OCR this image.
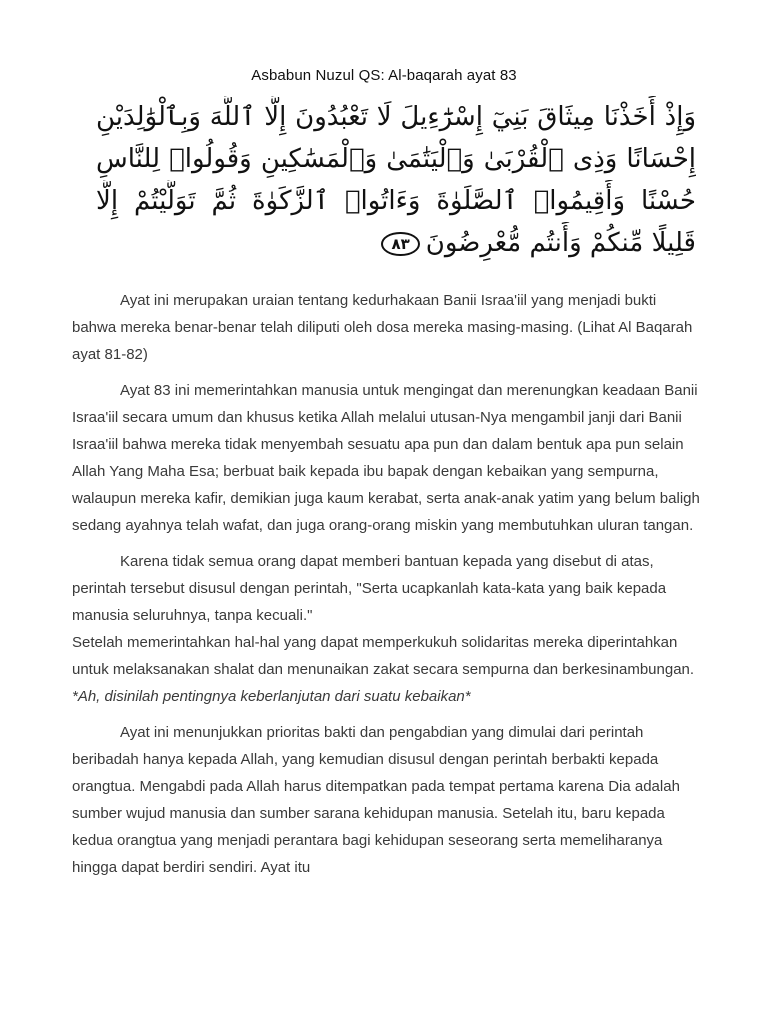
Asbabun Nuzul QS: Al-baqarah ayat 83
وَإِذْ أَخَذْنَا مِيثَاقَ بَنِيٓ إِسْرَٰٓءِيلَ لَا تَعْبُدُونَ إِلَّا ٱللَّهَ وَبِٱلْوَٰلِدَيْنِ
إِحْسَانًا وَذِى ٱلْقُرْبَىٰ وَٱلْيَتَٰمَىٰ وَٱلْمَسَٰكِينِ وَقُولُوا۟ لِلنَّاسِ
حُسْنًا وَأَقِيمُوا۟ ٱلصَّلَوٰةَ وَءَاتُوا۟ ٱلزَّكَوٰةَ ثُمَّ تَوَلَّيْتُمْ إِلَّا
قَلِيلًا مِّنكُمْ وَأَنتُم مُّعْرِضُونَ٨٣

Ayat ini merupakan uraian tentang kedurhakaan Banii Israa'iil yang menjadi bukti bahwa mereka benar-benar telah diliputi oleh dosa mereka masing-masing. (Lihat Al Baqarah ayat 81-82)

Ayat 83 ini memerintahkan manusia untuk mengingat dan merenungkan keadaan Banii Israa'iil secara umum dan khusus ketika Allah melalui utusan-Nya mengambil janji dari Banii Israa'iil bahwa mereka tidak menyembah sesuatu apa pun dan dalam bentuk apa pun selain Allah Yang Maha Esa; berbuat baik kepada ibu bapak dengan kebaikan yang sempurna, walaupun mereka kafir, demikian juga kaum kerabat, serta anak-anak yatim yang belum baligh sedang ayahnya telah wafat, dan juga orang-orang miskin yang membutuhkan uluran tangan.

Karena tidak semua orang dapat memberi bantuan kepada yang disebut di atas, perintah tersebut disusul dengan perintah, "Serta ucapkanlah kata-kata yang baik kepada manusia seluruhnya, tanpa kecuali."

Setelah memerintahkan hal-hal yang dapat memperkukuh solidaritas mereka diperintahkan untuk melaksanakan shalat dan menunaikan zakat secara sempurna dan berkesinambungan. *Ah, disinilah pentingnya keberlanjutan dari suatu kebaikan*

Ayat ini menunjukkan prioritas bakti dan pengabdian yang dimulai dari perintah beribadah hanya kepada Allah, yang kemudian disusul dengan perintah berbakti kepada orangtua. Mengabdi pada Allah harus ditempatkan pada tempat pertama karena Dia adalah sumber wujud manusia dan sumber sarana kehidupan manusia. Setelah itu, baru kepada kedua orangtua yang menjadi perantara bagi kehidupan seseorang serta memeliharanya hingga dapat berdiri sendiri. Ayat itu
